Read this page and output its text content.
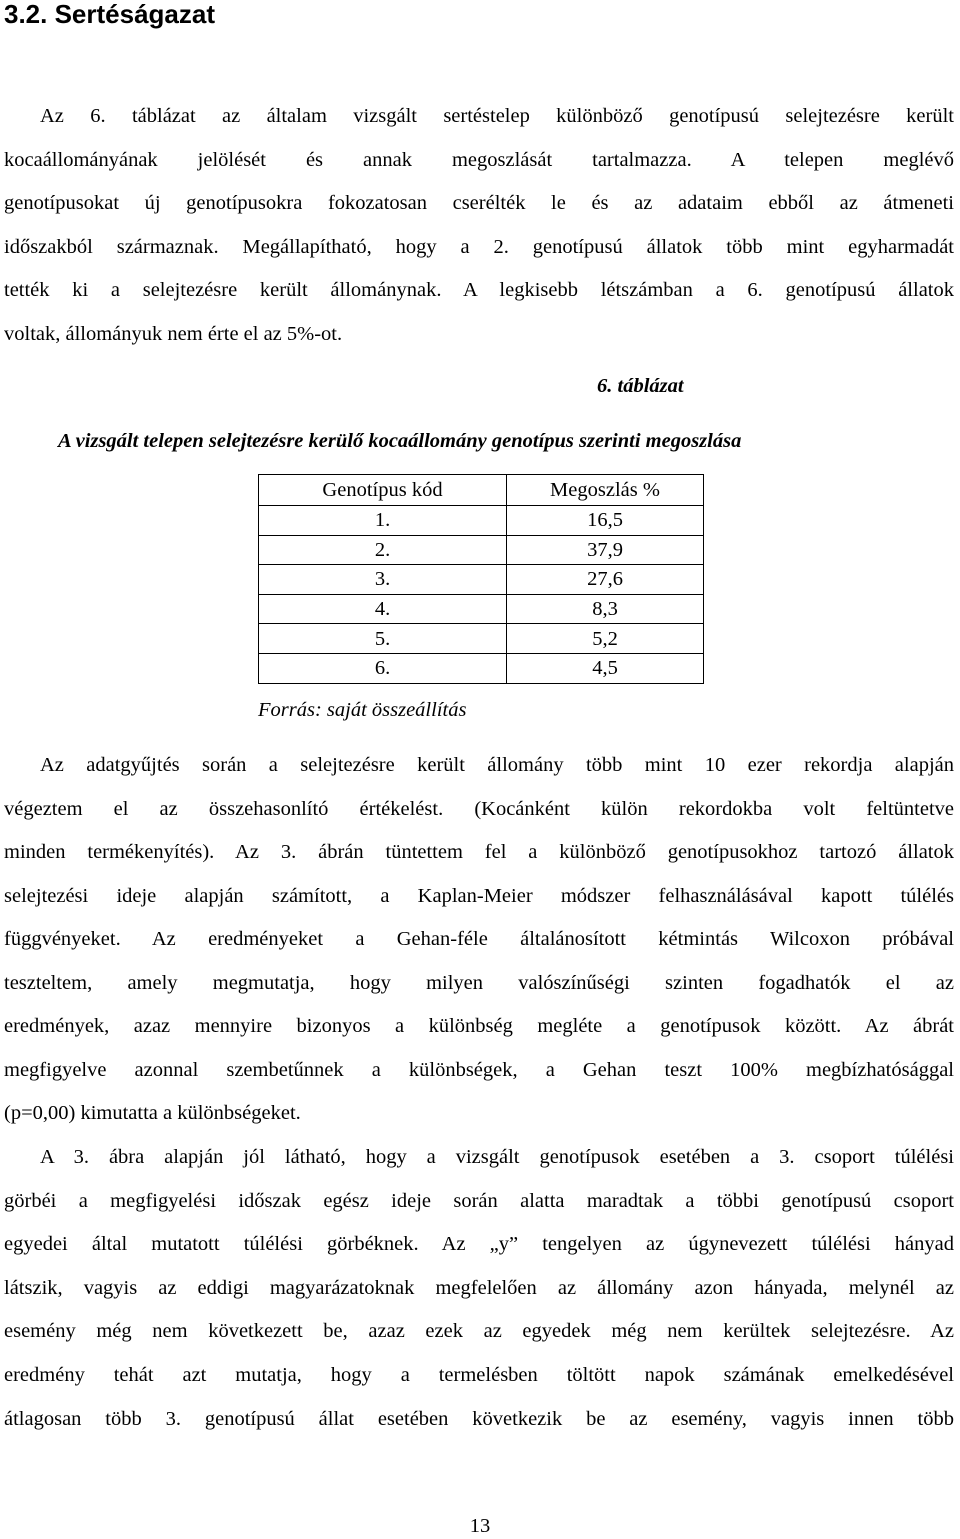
3.2. Sertéságazat
Az 6. táblázat az általam vizsgált sertéstelep különböző genotípusú selejtezésre került
kocaállományának jelölését és annak megoszlását tartalmazza. A telepen meglévő
genotípusokat új genotípusokra fokozatosan cserélték le és az adataim ebből az átmeneti
időszakból származnak. Megállapítható, hogy a 2. genotípusú állatok több mint egyharmadát
tették ki a selejtezésre került állománynak. A legkisebb létszámban a 6. genotípusú állatok
voltak, állományuk nem érte el az 5%-ot.
6. táblázat
A vizsgált telepen selejtezésre kerülő kocaállomány genotípus szerinti megoszlása
Genotípus kód	Megoszlás %
1.	16,5
2.	37,9
3.	27,6
4.	8,3
5.	5,2
6.	4,5
Forrás: saját összeállítás
Az adatgyűjtés során a selejtezésre került állomány több mint 10 ezer rekordja alapján
végeztem el az összehasonlító értékelést. (Kocánként külön rekordokba volt feltüntetve
minden termékenyítés). Az 3. ábrán tüntettem fel a különböző genotípusokhoz tartozó állatok
selejtezési ideje alapján számított, a Kaplan-Meier módszer felhasználásával kapott túlélés
függvényeket. Az eredményeket a Gehan-féle általánosított kétmintás Wilcoxon próbával
teszteltem, amely megmutatja, hogy milyen valószínűségi szinten fogadhatók el az
eredmények, azaz mennyire bizonyos a különbség megléte a genotípusok között. Az ábrát
megfigyelve azonnal szembetűnnek a különbségek, a Gehan teszt 100% megbízhatósággal
(p=0,00) kimutatta a különbségeket.
A 3. ábra alapján jól látható, hogy a vizsgált genotípusok esetében a 3. csoport túlélési
görbéi a megfigyelési időszak egész ideje során alatta maradtak a többi genotípusú csoport
egyedei által mutatott túlélési görbéknek. Az „y” tengelyen az úgynevezett túlélési hányad
látszik, vagyis az eddigi magyarázatoknak megfelelően az állomány azon hányada, melynél az
esemény még nem következett be, azaz ezek az egyedek még nem kerültek selejtezésre. Az
eredmény tehát azt mutatja, hogy a termelésben töltött napok számának emelkedésével
átlagosan több 3. genotípusú állat esetében következik be az esemény, vagyis innen több
13
